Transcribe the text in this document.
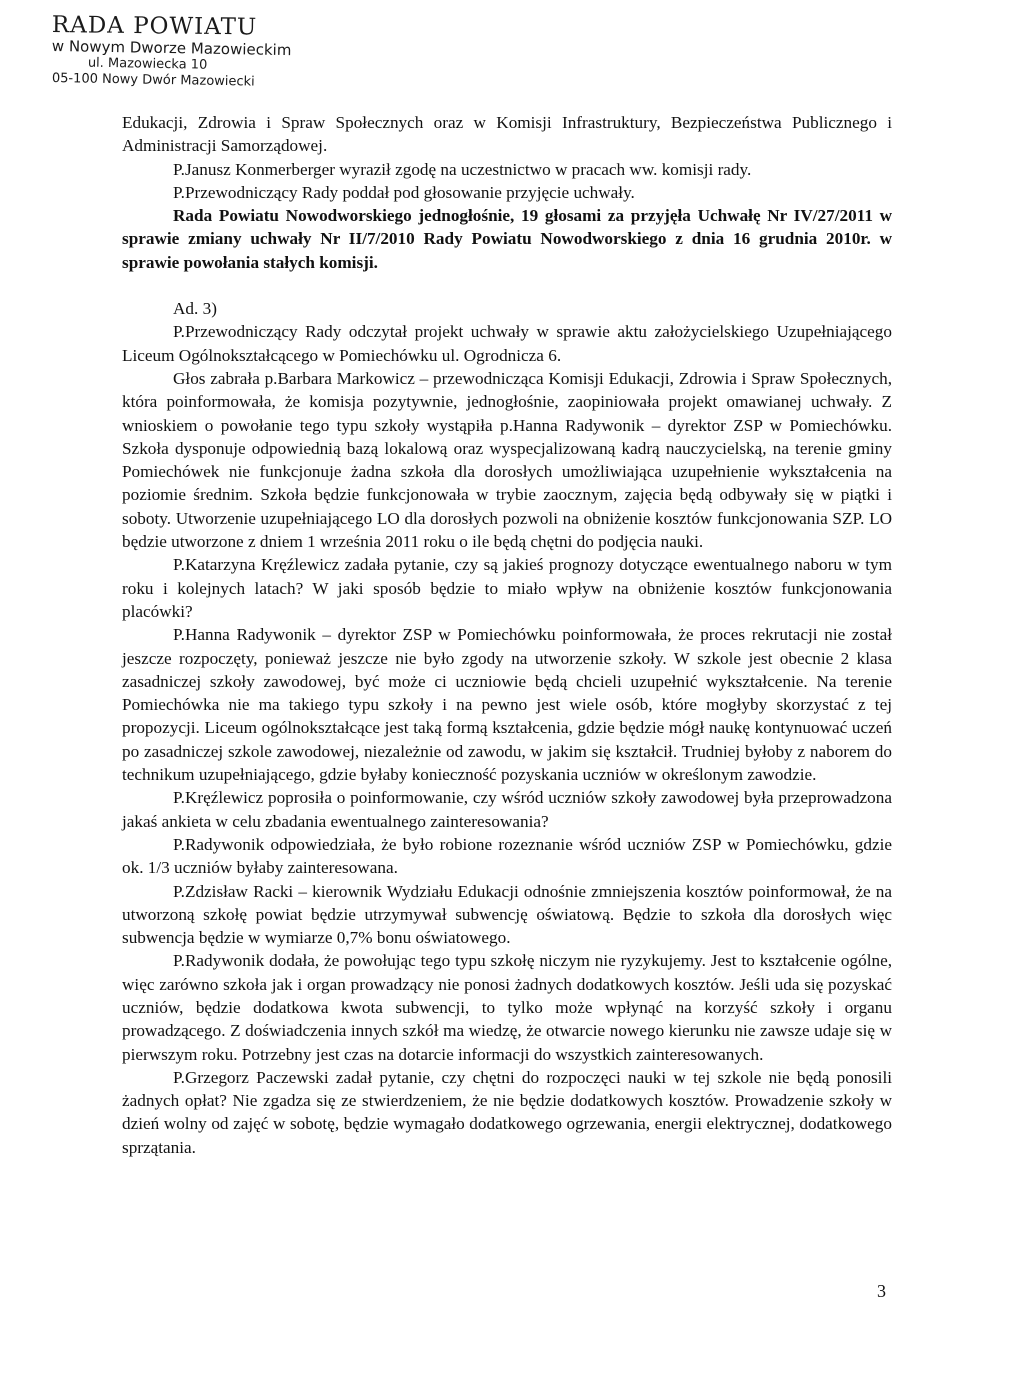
RADA POWIATU
w Nowym Dworze Mazowieckim
ul. Mazowiecka 10
05-100 Nowy Dwór Mazowiecki

Edukacji, Zdrowia i Spraw Społecznych oraz w Komisji Infrastruktury, Bezpieczeństwa Publicznego i Administracji Samorządowej.

P.Janusz Konmerberger wyraził zgodę na uczestnictwo w pracach ww. komisji rady.

P.Przewodniczący Rady poddał pod głosowanie przyjęcie uchwały.

Rada Powiatu Nowodworskiego jednogłośnie, 19 głosami za przyjęła Uchwałę Nr IV/27/2011 w sprawie zmiany uchwały Nr II/7/2010 Rady Powiatu Nowodworskiego z dnia 16 grudnia 2010r. w sprawie powołania stałych komisji.

Ad. 3)

P.Przewodniczący Rady odczytał projekt uchwały w sprawie aktu założycielskiego Uzupełniającego Liceum Ogólnokształcącego w Pomiechówku ul. Ogrodnicza 6.

Głos zabrała p.Barbara Markowicz – przewodnicząca Komisji Edukacji, Zdrowia i Spraw Społecznych, która poinformowała, że komisja pozytywnie, jednogłośnie, zaopiniowała projekt omawianej uchwały. Z wnioskiem o powołanie tego typu szkoły wystąpiła p.Hanna Radywonik – dyrektor ZSP w Pomiechówku. Szkoła dysponuje odpowiednią bazą lokalową oraz wyspecjalizowaną kadrą nauczycielską, na terenie gminy Pomiechówek nie funkcjonuje żadna szkoła dla dorosłych umożliwiająca uzupełnienie wykształcenia na poziomie średnim. Szkoła będzie funkcjonowała w trybie zaocznym, zajęcia będą odbywały się w piątki i soboty. Utworzenie uzupełniającego LO dla dorosłych pozwoli na obniżenie kosztów funkcjonowania SZP. LO będzie utworzone z dniem 1 września 2011 roku o ile będą chętni do podjęcia nauki.

P.Katarzyna Kręźlewicz zadała pytanie, czy są jakieś prognozy dotyczące ewentualnego naboru w tym roku i kolejnych latach? W jaki sposób będzie to miało wpływ na obniżenie kosztów funkcjonowania placówki?

P.Hanna Radywonik – dyrektor ZSP w Pomiechówku poinformowała, że proces rekrutacji nie został jeszcze rozpoczęty, ponieważ jeszcze nie było zgody na utworzenie szkoły. W szkole jest obecnie 2 klasa zasadniczej szkoły zawodowej, być może ci uczniowie będą chcieli uzupełnić wykształcenie. Na terenie Pomiechówka nie ma takiego typu szkoły i na pewno jest wiele osób, które mogłyby skorzystać z tej propozycji. Liceum ogólnokształcące jest taką formą kształcenia, gdzie będzie mógł naukę kontynuować uczeń po zasadniczej szkole zawodowej, niezależnie od zawodu, w jakim się kształcił. Trudniej byłoby z naborem do technikum uzupełniającego, gdzie byłaby konieczność pozyskania uczniów w określonym zawodzie.

P.Kręźlewicz poprosiła o poinformowanie, czy wśród uczniów szkoły zawodowej była przeprowadzona jakaś ankieta w celu zbadania ewentualnego zainteresowania?

P.Radywonik odpowiedziała, że było robione rozeznanie wśród uczniów ZSP w Pomiechówku, gdzie ok. 1/3 uczniów byłaby zainteresowana.

P.Zdzisław Racki – kierownik Wydziału Edukacji odnośnie zmniejszenia kosztów poinformował, że na utworzoną szkołę powiat będzie utrzymywał subwencję oświatową. Będzie to szkoła dla dorosłych więc subwencja będzie w wymiarze 0,7% bonu oświatowego.

P.Radywonik dodała, że powołując tego typu szkołę niczym nie ryzykujemy. Jest to kształcenie ogólne, więc zarówno szkoła jak i organ prowadzący nie ponosi żadnych dodatkowych kosztów. Jeśli uda się pozyskać uczniów, będzie dodatkowa kwota subwencji, to tylko może wpłynąć na korzyść szkoły i organu prowadzącego. Z doświadczenia innych szkół ma wiedzę, że otwarcie nowego kierunku nie zawsze udaje się w pierwszym roku. Potrzebny jest czas na dotarcie informacji do wszystkich zainteresowanych.

P.Grzegorz Paczewski zadał pytanie, czy chętni do rozpoczęci nauki w tej szkole nie będą ponosili żadnych opłat? Nie zgadza się ze stwierdzeniem, że nie będzie dodatkowych kosztów. Prowadzenie szkoły w dzień wolny od zajęć w sobotę, będzie wymagało dodatkowego ogrzewania, energii elektrycznej, dodatkowego sprzątania.

3
